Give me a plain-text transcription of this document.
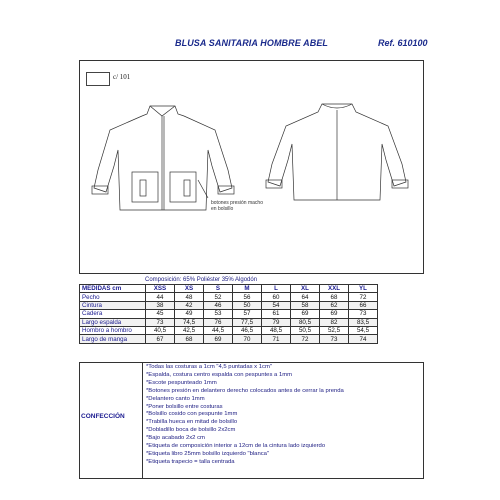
BLUSA SANITARIA HOMBRE ABEL	Ref. 610100
c/ 101
botones presión macho
en bolsillo
Composición: 65% Poliéster 35% Algodón
MEDIDAS cm	XSS	XS	S	M	L	XL	XXL	YL
Pecho	44	48	52	56	60	64	68	72
Cintura	38	42	46	50	54	58	62	66
Cadera	45	49	53	57	61	69	69	73
Largo espalda	73	74,5	76	77,5	79	80,5	82	83,5
Hombro a hombro	40,5	42,5	44,5	46,5	48,5	50,5	52,5	54,5
Largo de manga	67	68	69	70	71	72	73	74
CONFECCIÓN
*Todas las costuras a 1cm "4,5 puntadas x 1cm"
*Espalda, costura centro espalda con pespuntes a 1mm
*Escote pespunteado 1mm
*Botones presión en delantero derecho colocados antes de cerrar la prenda
*Delantero canto 1mm
*Poner bolsillo entre costuras
*Bolsillo cosido con pespunte 1mm
*Trabilla hueca en mitad de bolsillo
*Dobladillo boca de bolsillo 2x2cm
*Bajo acabado 2x2 cm
*Etiqueta de composición interior a 12cm de la cintura lado izquierdo
*Etiqueta libro 25mm bolsillo izquierdo "blanca"
*Etiqueta trapecio = talla centrada
